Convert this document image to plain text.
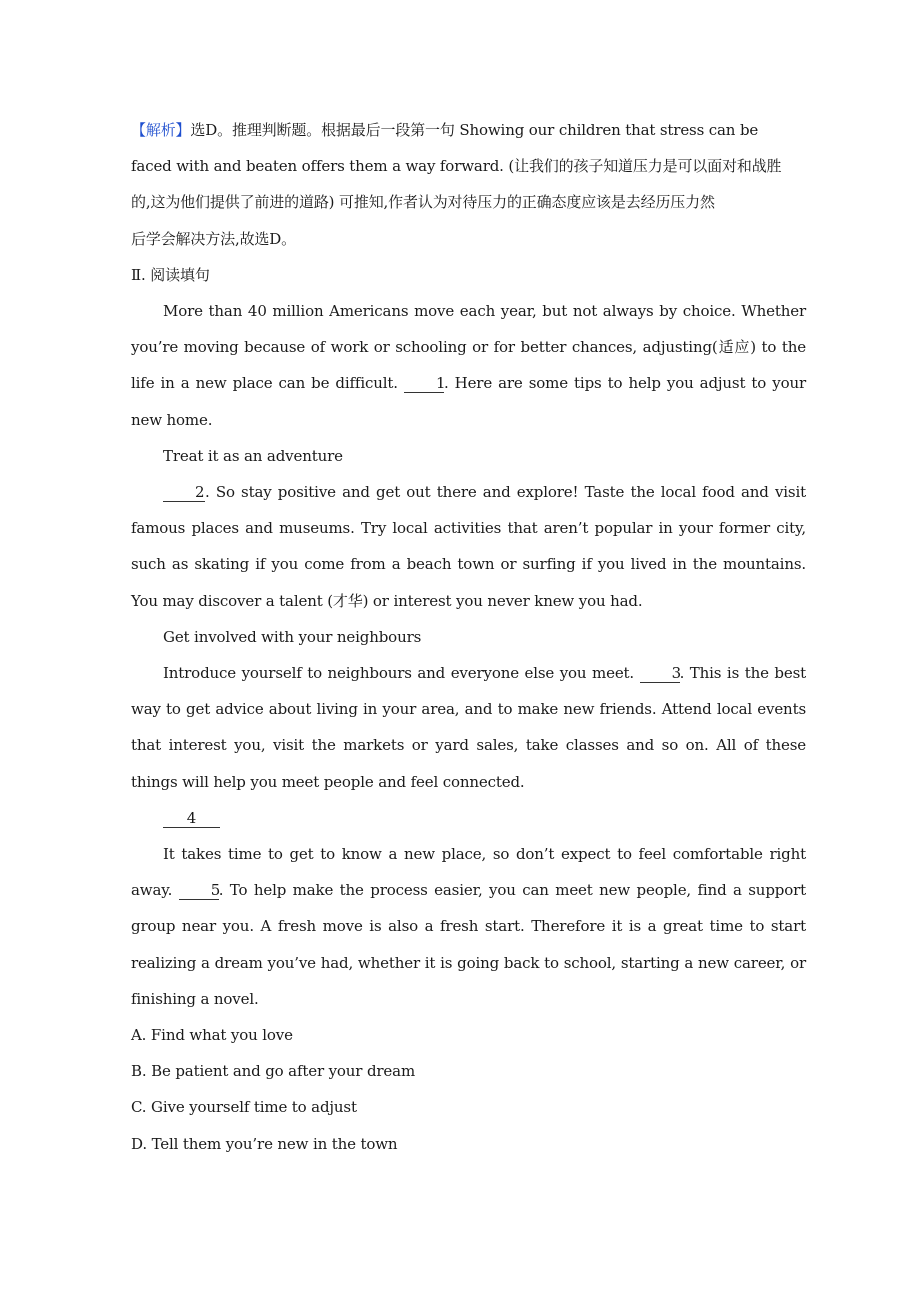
【解析】选D。推理判断题。根据最后一段第一句 Showing our children that stress can be
faced with and beaten offers them a way forward. (让我们的孩子知道压力是可以面对和战胜
的,这为他们提供了前进的道路) 可推知,作者认为对待压力的正确态度应该是去经历压力然
后学会解决方法,故选D。
Ⅱ. 阅读填句
More than 40 million Americans move each year, but not always by choice. Whether you’re moving because of work or schooling or for better chances, adjusting(适应) to the life in a new place can be difficult. 1. Here are some tips to help you adjust to your new home.
Treat it as an adventure
2. So stay positive and get out there and explore! Taste the local food and visit famous places and museums. Try local activities that aren’t popular in your former city, such as skating if you come from a beach town or surfing if you lived in the mountains. You may discover a talent (才华) or interest you never knew you had.
Get involved with your neighbours
Introduce yourself to neighbours and everyone else you meet. 3. This is the best way to get advice about living in your area, and to make new friends. Attend local events that interest you, visit the markets or yard sales, take classes and so on. All of these things will help you meet people and feel connected.
4
It takes time to get to know a new place, so don’t expect to feel comfortable right away. 5. To help make the process easier, you can meet new people, find a support group near you. A fresh move is also a fresh start. Therefore it is a great time to start realizing a dream you’ve had, whether it is going back to school, starting a new career, or finishing a novel.
A. Find what you love
B. Be patient and go after your dream
C. Give yourself time to adjust
D. Tell them you’re new in the town
